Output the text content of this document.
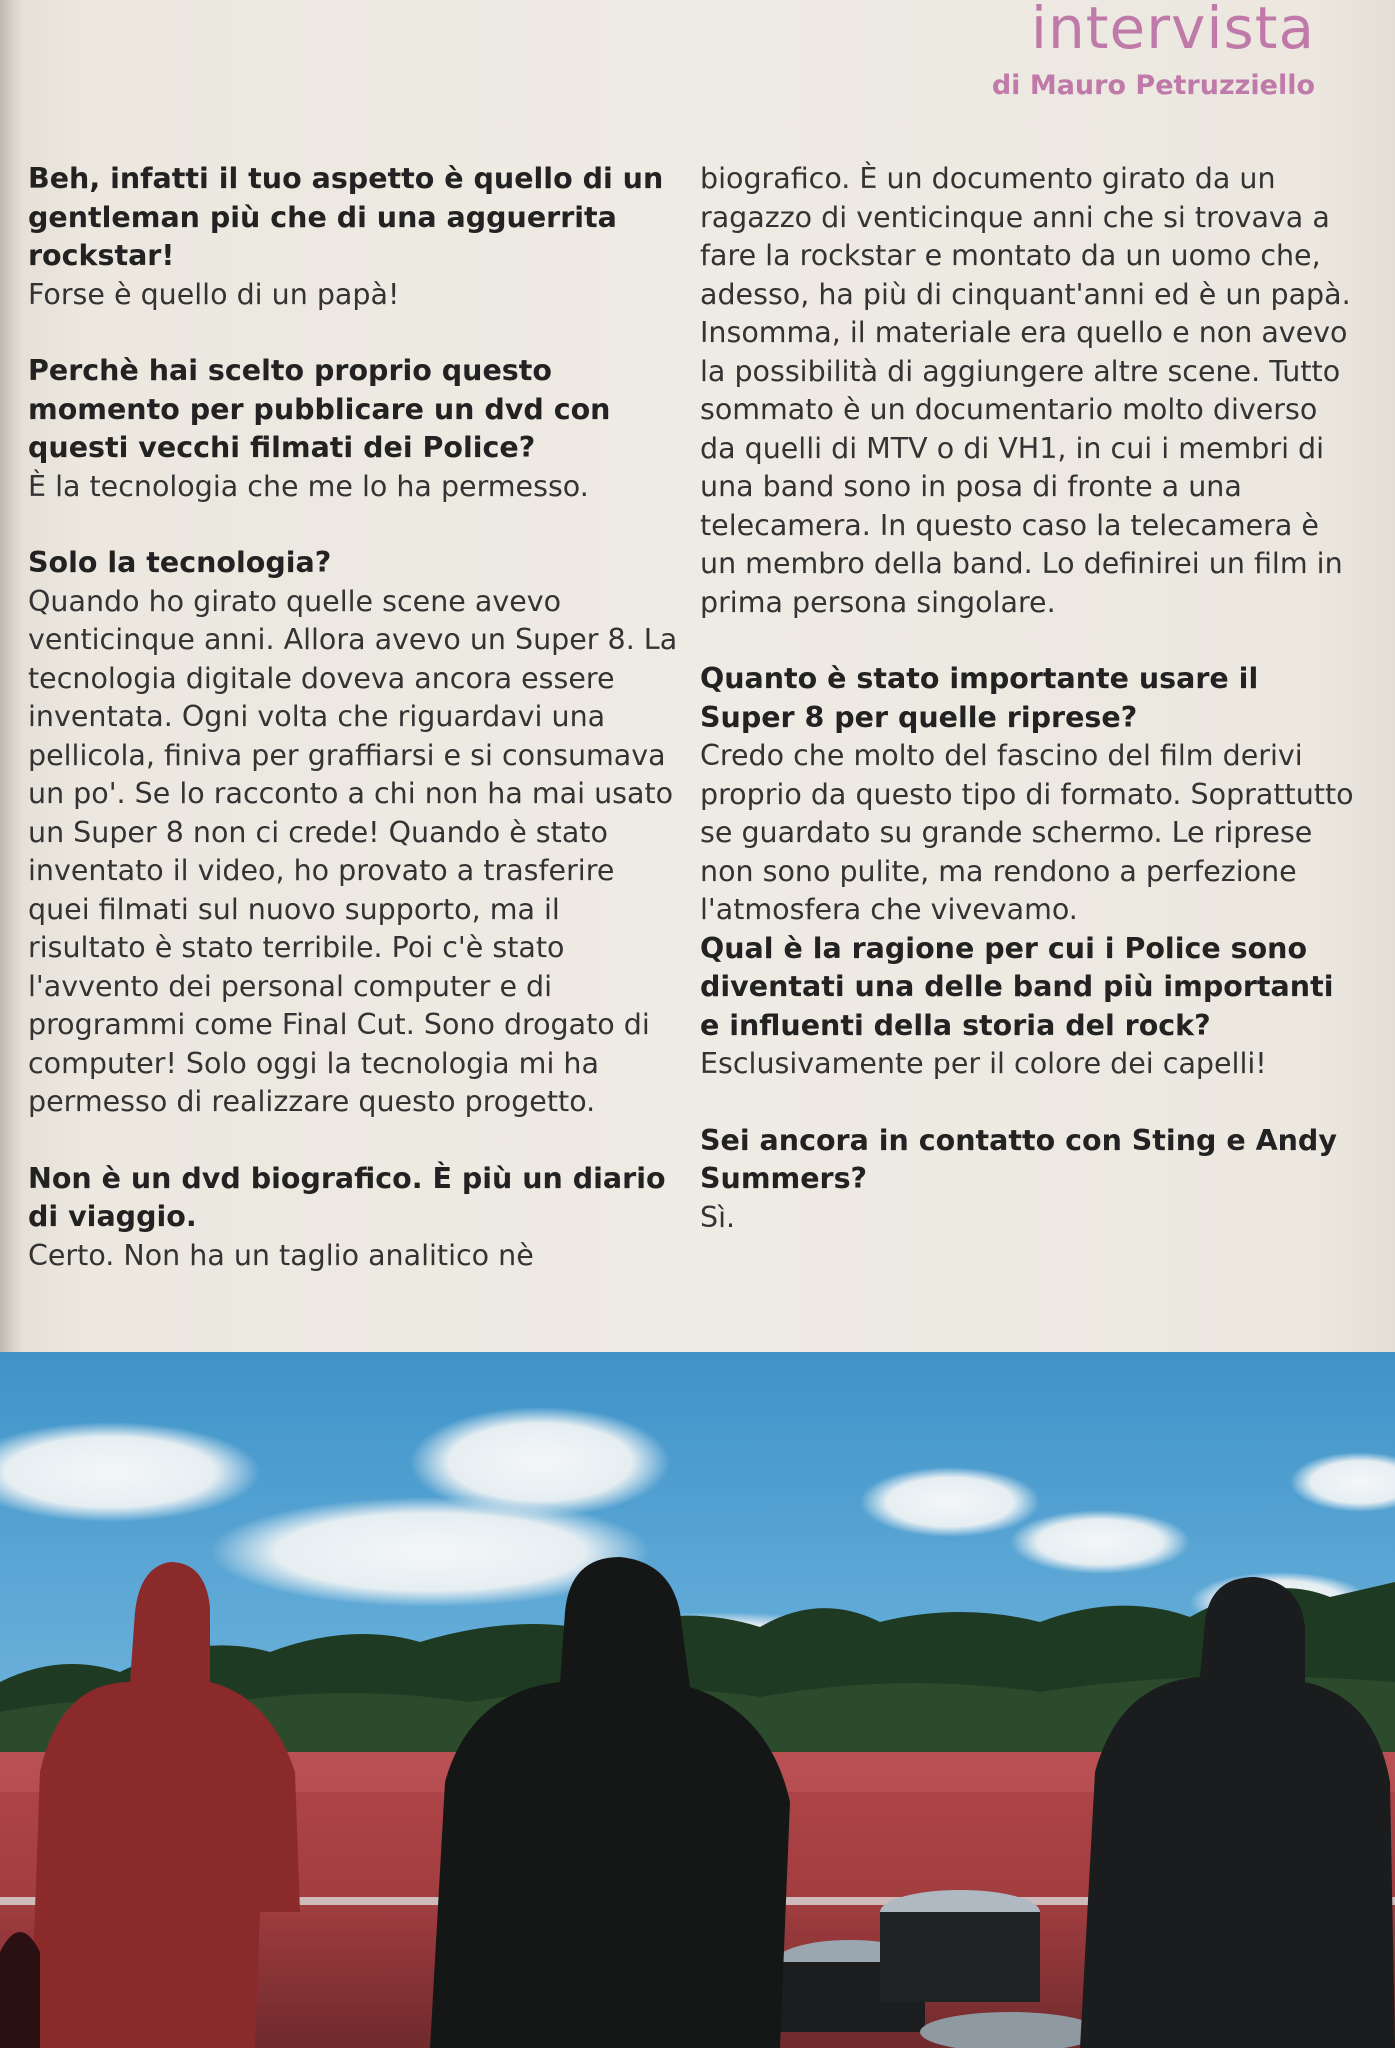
intervista
di Mauro Petruzziello

Beh, infatti il tuo aspetto è quello di un gentleman più che di una agguerrita rockstar!

Forse è quello di un papà!

Perchè hai scelto proprio questo momento per pubblicare un dvd con questi vecchi filmati dei Police?

È la tecnologia che me lo ha permesso.

Solo la tecnologia?

Quando ho girato quelle scene avevo venticinque anni. Allora avevo un Super 8. La tecnologia digitale doveva ancora essere inventata. Ogni volta che riguardavi una pellicola, finiva per graffiarsi e si consumava un po'. Se lo racconto a chi non ha mai usato un Super 8 non ci crede! Quando è stato inventato il video, ho provato a trasferire quei filmati sul nuovo supporto, ma il risultato è stato terribile. Poi c'è stato l'avvento dei personal computer e di programmi come Final Cut. Sono drogato di computer! Solo oggi la tecnologia mi ha permesso di realizzare questo progetto.

Non è un dvd biografico. È più un diario di viaggio.

Certo. Non ha un taglio analitico nè

biografico. È un documento girato da un ragazzo di venticinque anni che si trovava a fare la rockstar e montato da un uomo che, adesso, ha più di cinquant'anni ed è un papà. Insomma, il materiale era quello e non avevo la possibilità di aggiungere altre scene. Tutto sommato è un documentario molto diverso da quelli di MTV o di VH1, in cui i membri di una band sono in posa di fronte a una telecamera. In questo caso la telecamera è un membro della band. Lo definirei un film in prima persona singolare.

Quanto è stato importante usare il Super 8 per quelle riprese?

Credo che molto del fascino del film derivi proprio da questo tipo di formato. Soprattutto se guardato su grande schermo. Le riprese non sono pulite, ma rendono a perfezione l'atmosfera che vivevamo.

Qual è la ragione per cui i Police sono diventati una delle band più importanti e influenti della storia del rock?

Esclusivamente per il colore dei capelli!

Sei ancora in contatto con Sting e Andy Summers?

Sì.
